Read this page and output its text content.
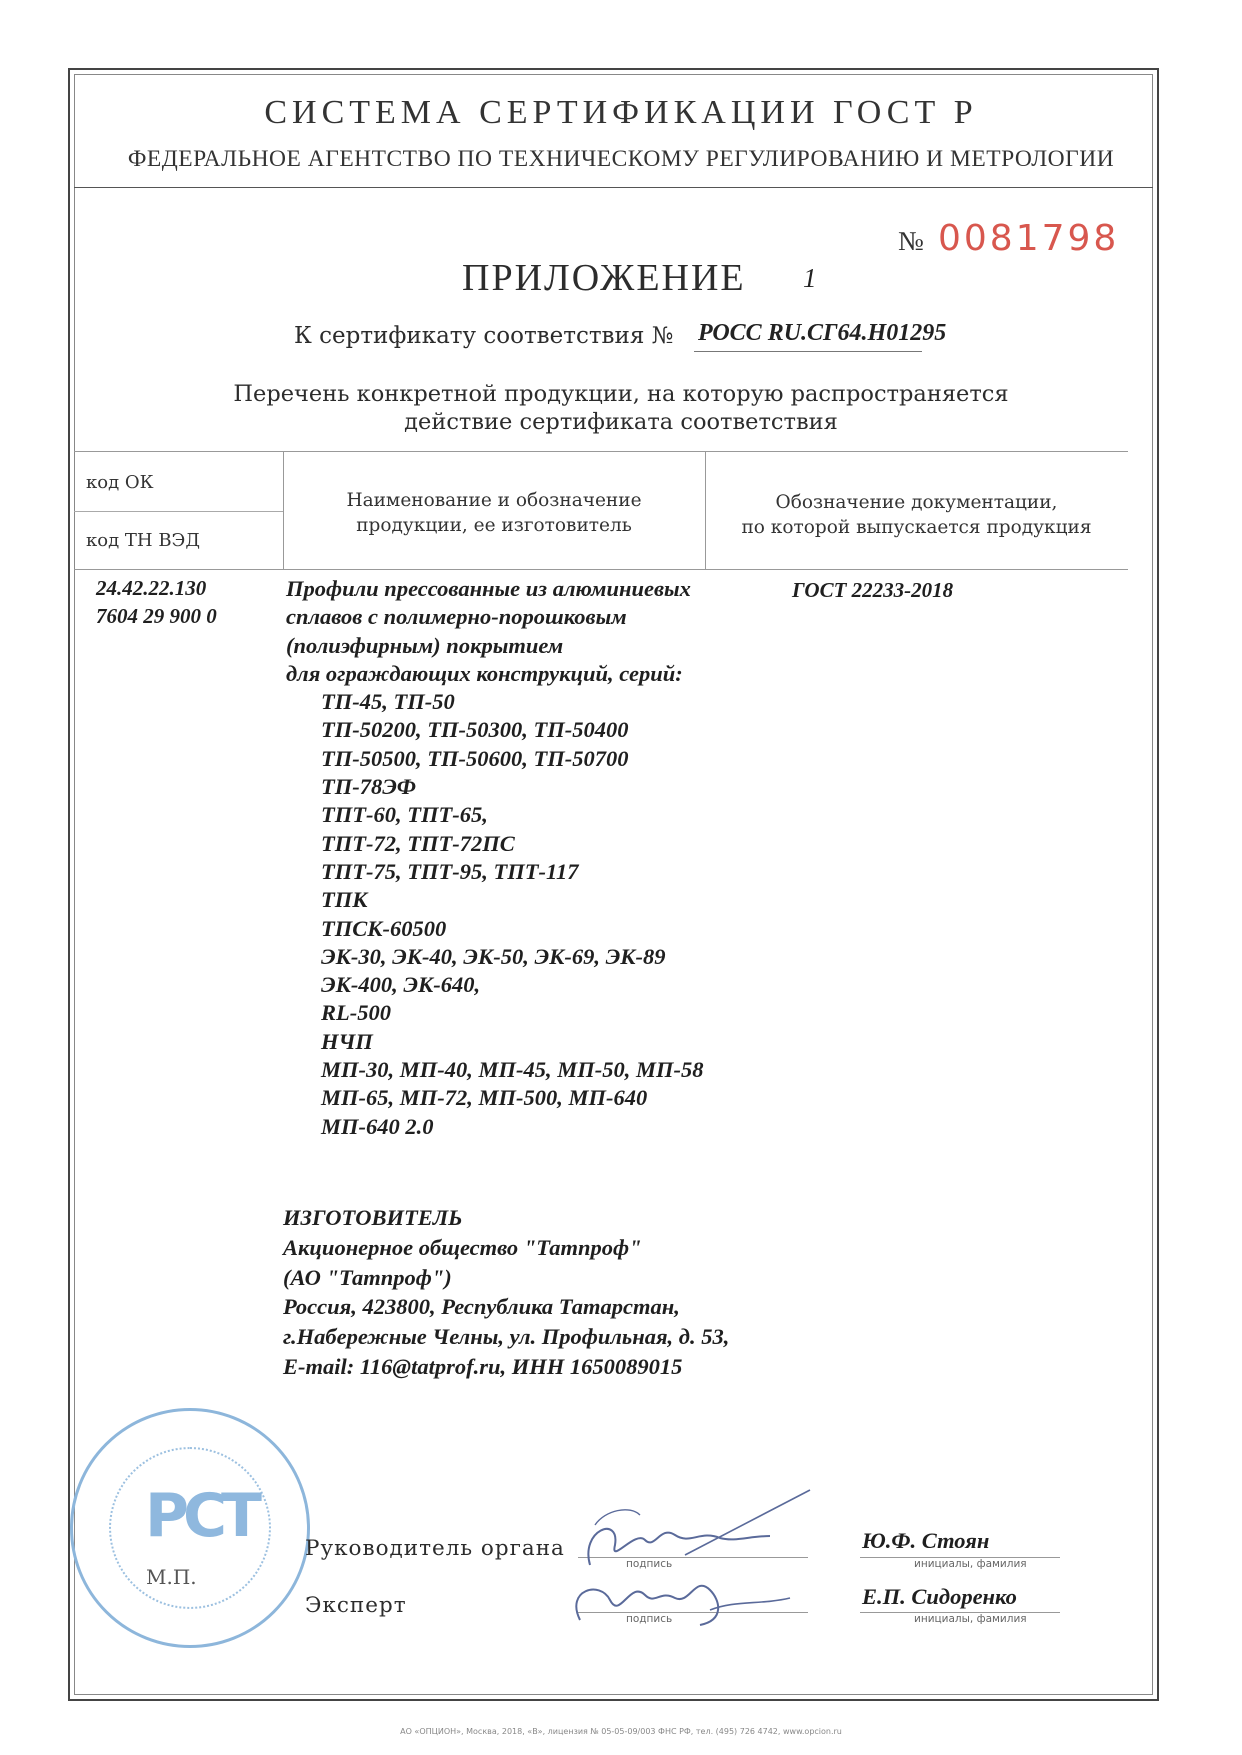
СИСТЕМА СЕРТИФИКАЦИИ ГОСТ Р
ФЕДЕРАЛЬНОЕ АГЕНТСТВО ПО ТЕХНИЧЕСКОМУ РЕГУЛИРОВАНИЮ И МЕТРОЛОГИИ
№ 0081798
ПРИЛОЖЕНИЕ 1
К сертификату соответствия № РОСС RU.СГ64.Н01295
Перечень конкретной продукции, на которую распространяется
действие сертификата соответствия
код ОК
код ТН ВЭД
Наименование и обозначение
продукции, ее изготовитель
Обозначение документации,
по которой выпускается продукция
24.42.22.130
7604 29 900 0
Профили прессованные из алюминиевых
сплавов с полимерно-порошковым
(полиэфирным) покрытием
для ограждающих конструкций, серий:
ТП-45, ТП-50
ТП-50200, ТП-50300, ТП-50400
ТП-50500, ТП-50600, ТП-50700
ТП-78ЭФ
ТПТ-60, ТПТ-65,
ТПТ-72, ТПТ-72ПС
ТПТ-75, ТПТ-95, ТПТ-117
ТПК
ТПСК-60500
ЭК-30, ЭК-40, ЭК-50, ЭК-69, ЭК-89
ЭК-400, ЭК-640,
RL-500
НЧП
МП-30, МП-40, МП-45, МП-50, МП-58
МП-65, МП-72, МП-500, МП-640
МП-640 2.0
ГОСТ 22233-2018
ИЗГОТОВИТЕЛЬ
Акционерное общество "Татпроф"
(АО "Татпроф")
Россия, 423800, Республика Татарстан,
г.Набережные Челны, ул. Профильная, д. 53,
E-mail: 116@tatprof.ru, ИНН 1650089015
РСТ
М.П.
Руководитель органа
Эксперт
подпись
подпись
инициалы, фамилия
инициалы, фамилия
Ю.Ф. Стоян
Е.П. Сидоренко
АО «ОПЦИОН», Москва, 2018, «В», лицензия № 05-05-09/003 ФНС РФ, тел. (495) 726 4742, www.opcion.ru
